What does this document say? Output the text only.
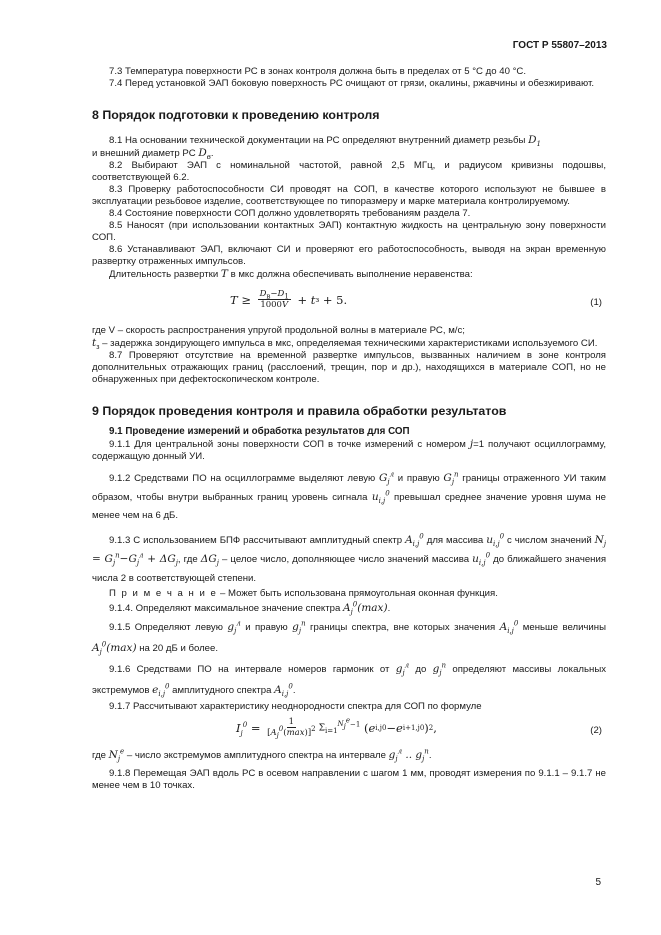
ГОСТ Р 55807–2013

7.3 Температура поверхности РС в зонах контроля должна быть в пределах от 5 °С до 40 °С.

7.4 Перед установкой ЭАП боковую поверхность РС очищают от грязи, окалины, ржавчины и обезжиривают.

8 Порядок подготовки к проведению контроля

8.1 На основании технической документации на РС определяют внутренний диаметр резьбы $D_1$

и внешний диаметр РС $D_в$.

8.2 Выбирают ЭАП с номинальной частотой, равной 2,5 МГц, и радиусом кривизны подошвы, соответствующей 6.2.

8.3 Проверку работоспособности СИ проводят на СОП, в качестве которого используют не бывшее в эксплуатации резьбовое изделие, соответствующее по типоразмеру и марке материала контролируемому.

8.4 Состояние поверхности СОП должно удовлетворять требованиям раздела 7.

8.5 Наносят (при использовании контактных ЭАП) контактную жидкость на центральную зону поверхности СОП.

8.6 Устанавливают ЭАП, включают СИ и проверяют его работоспособность, выводя на экран временную развертку отраженных импульсов.

Длительность развертки T в мкс должна обеспечивать выполнение неравенства:

$T \ge \frac{D_в-D_1}{1000V} + t$ з + 5.	(1)

где V – скорость распространения упругой продольной волны в материале РС, м/с;

$t_з$ – задержка зондирующего импульса в мкс, определяемая техническими характеристиками используемого СИ.

8.7 Проверяют отсутствие на временной развертке импульсов, вызванных наличием в зоне контроля дополнительных отражающих границ (расслоений, трещин, пор и др.), находящихся в материале СОП, но не обнаруженных при дефектоскопическом контроле.

9 Порядок проведения контроля и правила обработки результатов
9.1 Проведение измерений и обработка результатов для СОП

9.1.1 Для центральной зоны поверхности СОП в точке измерений с номером j=1 получают осциллограмму, содержащую донный УИ.

9.1.2 Средствами ПО на осциллограмме выделяют левую $G_j^л$ и правую $G_j^п$ границы отраженного УИ таким образом, чтобы внутри выбранных границ уровень сигнала $u_{i,j}^0$ превышал среднее значение уровня шума не менее чем на 6 дБ.

9.1.3 С использованием БПФ рассчитывают амплитудный спектр $A_{i,j}^0$ для массива $u_{i,j}^0$ с числом значений $N_j = G_j^п-G_j^л + \Delta G_j$, где $\Delta G_j$ – целое число, дополняющее число значений массива $u_{i,j}^0$ до ближайшего значения числа 2 в соответствующей степени.

П р и м е ч а н и е – Может быть использована прямоугольная оконная функция.

9.1.4. Определяют максимальное значение спектра $A_j^0(\max)$.

9.1.5 Определяют левую $g_j^л$ и правую $g_j^п$ границы спектра, вне которых значения $A_{i,j}^0$ меньше величины $A_j^0(\max)$ на 20 дБ и более.

9.1.6 Средствами ПО на интервале номеров гармоник от $g_j^л$ до $g_j^п$ определяют массивы локальных экстремумов $e_{i,j}^0$ амплитудного спектра $A_{i,j}^0$.

9.1.7 Рассчитывают характеристику неоднородности спектра для СОП по формуле

$I_j^0 = \frac{1}{[A_j^0(\max)]^2} \Sigma_{i=1}^{N_j^e-1}$ ( e i,j 0 − e i+1,j 0 ) 2 ,	(2)

где $N_j^e$ – число экстремумов амплитудного спектра на интервале $g_j^л$ .. $g_j^п$.

9.1.8 Перемещая ЭАП вдоль РС в осевом направлении с шагом 1 мм, проводят измерения по 9.1.1 – 9.1.7 не менее чем в 10 точках.

5
